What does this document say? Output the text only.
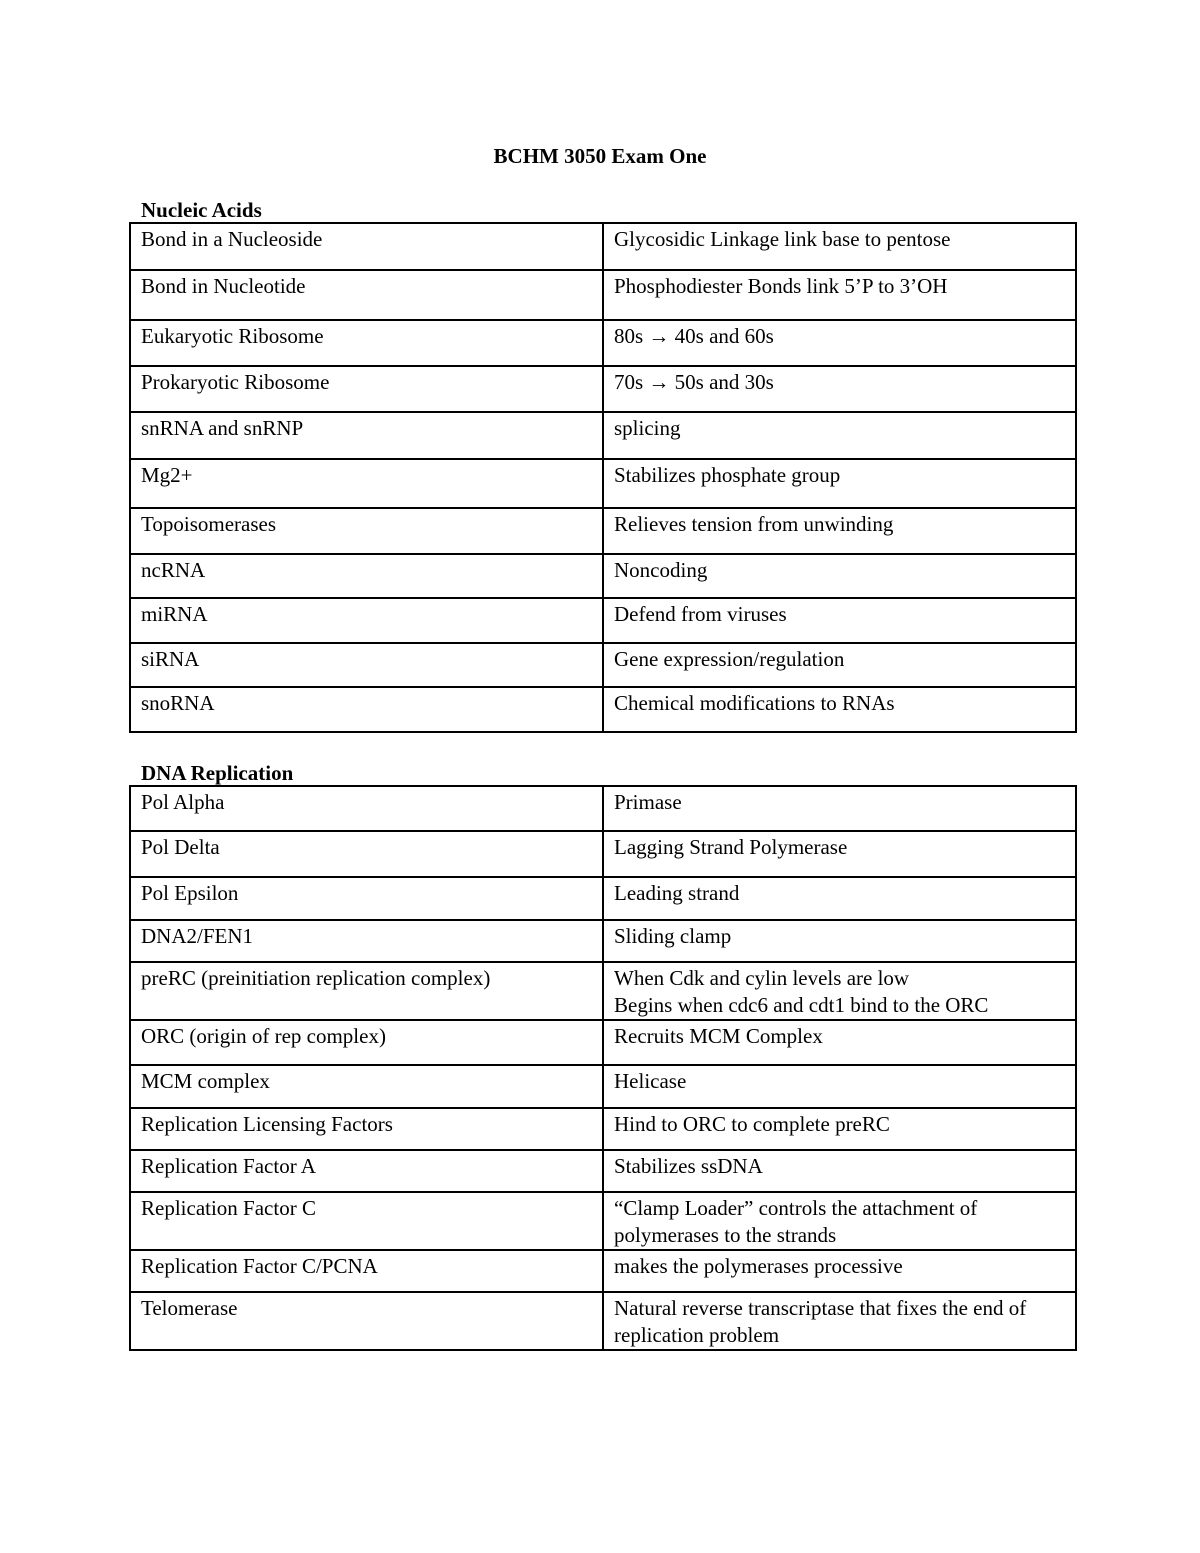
BCHM 3050 Exam One
Nucleic Acids
Bond in a Nucleoside	Glycosidic Linkage link base to pentose
Bond in Nucleotide	Phosphodiester Bonds link 5’P to 3’OH
Eukaryotic Ribosome	80s → 40s and 60s
Prokaryotic Ribosome	70s → 50s and 30s
snRNA and snRNP	splicing
Mg2+	Stabilizes phosphate group
Topoisomerases	Relieves tension from unwinding
ncRNA	Noncoding
miRNA	Defend from viruses
siRNA	Gene expression/regulation
snoRNA	Chemical modifications to RNAs
DNA Replication
Pol Alpha	Primase
Pol Delta	Lagging Strand Polymerase
Pol Epsilon	Leading strand
DNA2/FEN1	Sliding clamp
preRC (preinitiation replication complex)	When Cdk and cylin levels are low
Begins when cdc6 and cdt1 bind to the ORC

ORC (origin of rep complex)	Recruits MCM Complex
MCM complex	Helicase
Replication Licensing Factors	Hind to ORC to complete preRC
Replication Factor A	Stabilizes ssDNA
Replication Factor C	“Clamp Loader” controls the attachment of polymerases to the strands
Replication Factor C/PCNA	makes the polymerases processive
Telomerase	Natural reverse transcriptase that fixes the end of replication problem
